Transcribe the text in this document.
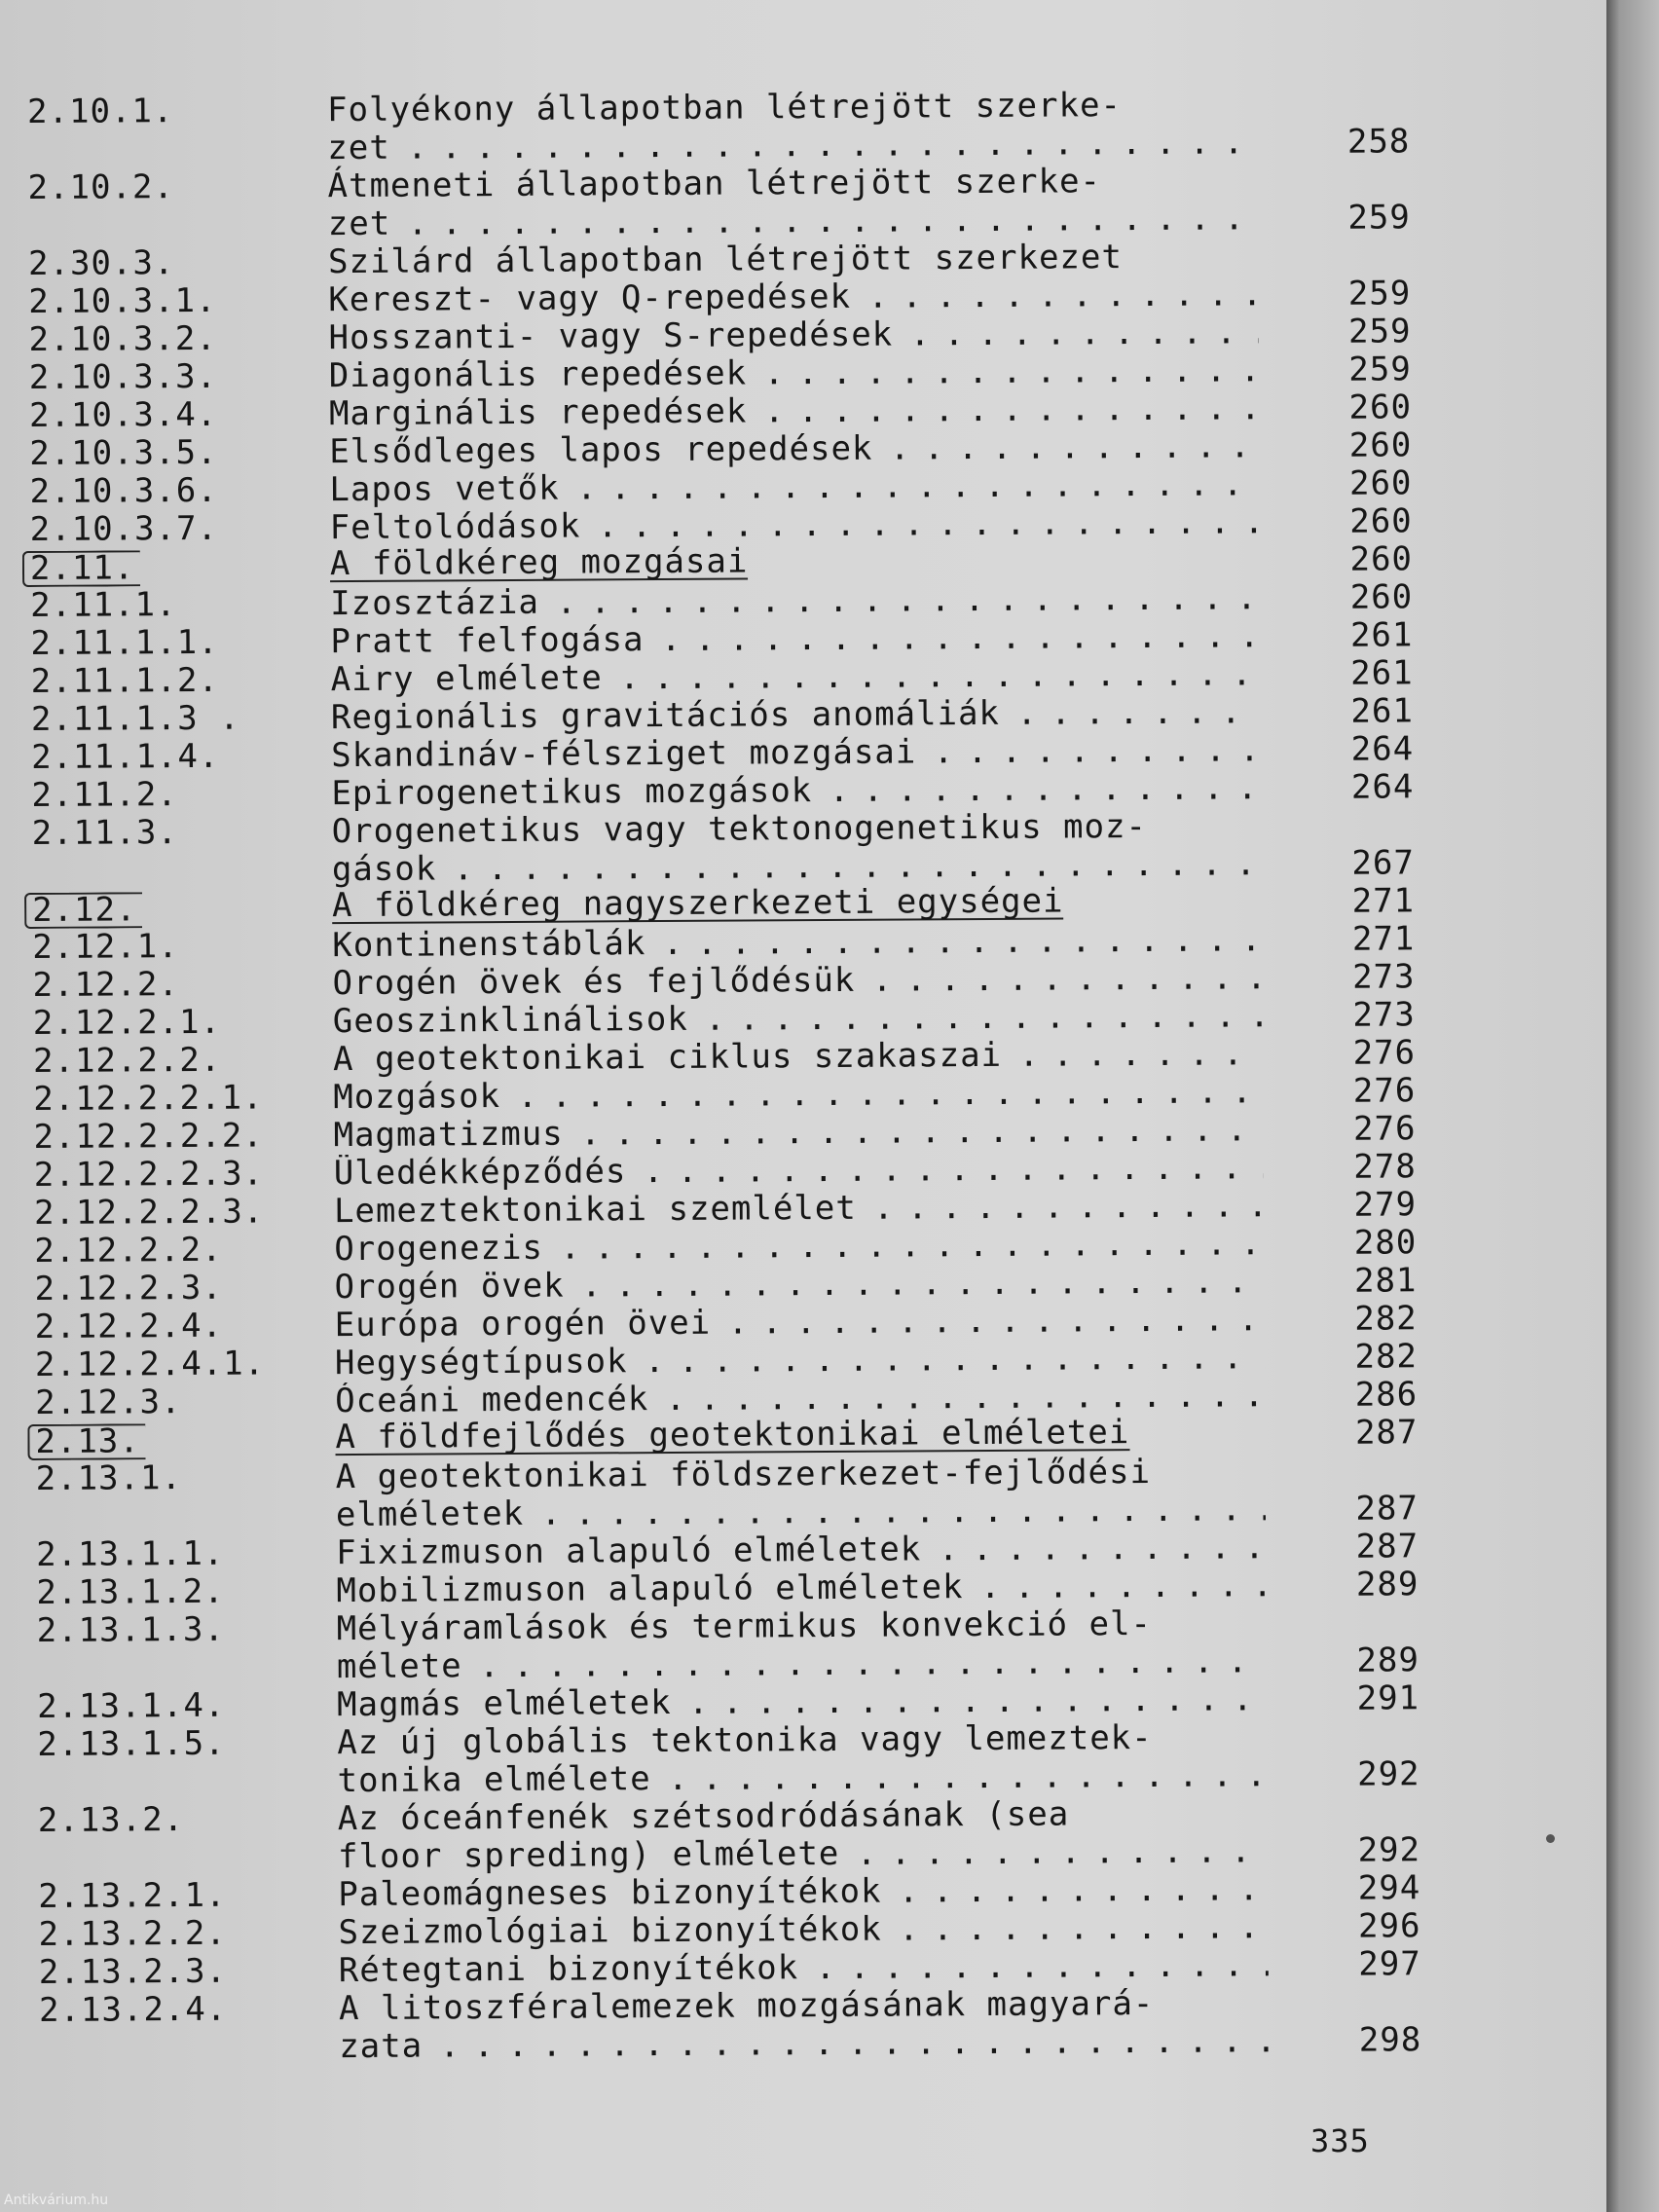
2.10.1.	Folyékony állapotban létrejött szerke-
zet . . .	258
2.10.2.	Átmeneti állapotban létrejött szerke-
zet . . .	259
2.30.3.	Szilárd állapotban létrejött szerkezet
2.10.3.1.	Kereszt- vagy Q-repedések . . .	259
2.10.3.2.	Hosszanti- vagy S-repedések . . .	259
2.10.3.3.	Diagonális repedések . . .	259
2.10.3.4.	Marginális repedések . . .	260
2.10.3.5.	Elsődleges lapos repedések . . .	260
2.10.3.6.	Lapos vetők . . .	260
2.10.3.7.	Feltolódások . . .	260
2.11.	A földkéreg mozgásai	260
2.11.1.	Izosztázia . . .	260
2.11.1.1.	Pratt felfogása . . .	261
2.11.1.2.	Airy elmélete . . .	261
2.11.1.3 .	Regionális gravitációs anomáliák . . .	261
2.11.1.4.	Skandináv-félsziget mozgásai . . .	264
2.11.2.	Epirogenetikus mozgások . . .	264
2.11.3.	Orogenetikus vagy tektonogenetikus moz-
gások . . .	267
2.12.	A földkéreg nagyszerkezeti egységei	271
2.12.1.	Kontinenstáblák . . .	271
2.12.2.	Orogén övek és fejlődésük . . .	273
2.12.2.1.	Geoszinklinálisok . . .	273
2.12.2.2.	A geotektonikai ciklus szakaszai . . .	276
2.12.2.2.1. Mozgások . . .	276
2.12.2.2.2. Magmatizmus . . .	276
2.12.2.2.3. Üledékképződés . . .	278
2.12.2.2.3. Lemeztektonikai szemlélet . . .	279
2.12.2.2.	Orogenezis . . .	280
2.12.2.3.	Orogén övek . . .	281
2.12.2.4.	Európa orogén övei . . .	282
2.12.2.4.1. Hegységtípusok . . .	282
2.12.3.	Óceáni medencék . . .	286
2.13.	A földfejlődés geotektonikai elméletei	287
2.13.1.	A geotektonikai földszerkezet-fejlődési
elméletek . . .	287
2.13.1.1.	Fixizmuson alapuló elméletek . . .	287
2.13.1.2.	Mobilizmuson alapuló elméletek . . .	289
2.13.1.3.	Mélyáramlások és termikus konvekció el-
mélete . . .	289
2.13.1.4.	Magmás elméletek . . .	291
2.13.1.5.	Az új globális tektonika vagy lemeztek-
tonika elmélete . . .	292
2.13.2.	Az óceánfenék szétsodródásának (sea
floor spreding) elmélete . . .	292
2.13.2.1.	Paleomágneses bizonyítékok . . .	294
2.13.2.2.	Szeizmológiai bizonyítékok . . .	296
2.13.2.3.	Rétegtani bizonyítékok . . .	297
2.13.2.4.	A litoszféralemezek mozgásának magyará-
zata . . .	298
335
Antikvárium.hu
